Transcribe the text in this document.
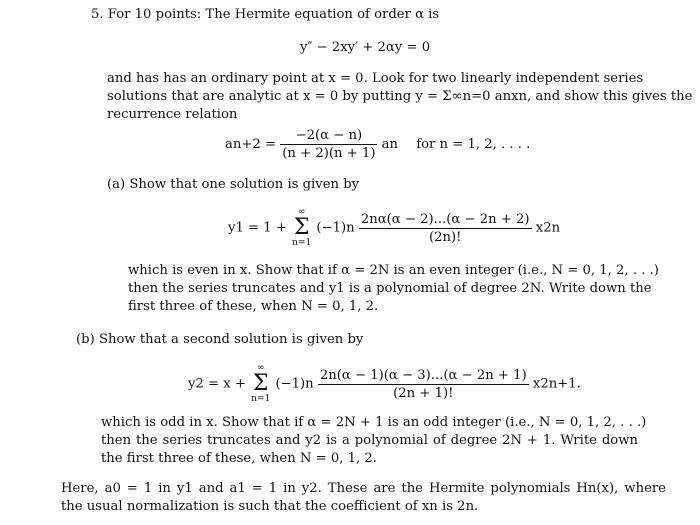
5. For 10 points: The Hermite equation of order α is
y″ − 2xy′ + 2αy = 0
and has has an ordinary point at x = 0. Look for two linearly independent series
solutions that are analytic at x = 0 by putting y = Σ∞n=0 anxn, and show this gives the
recurrence relation
$an+2 = \frac{-2(\alpha - n)}{(n + 2)(n + 1)}$ an for n = 1, 2, . . . .
(a) Show that one solution is given by
y1 = 1 +
∞
Σ
n=1
$(-1)n \frac{2n\alpha(\alpha - 2)...(\alpha - 2n + 2)}{(2n)!} x2n$
which is even in x. Show that if α = 2N is an even integer (i.e., N = 0, 1, 2, . . .)
then the series truncates and y1 is a polynomial of degree 2N. Write down the
first three of these, when N = 0, 1, 2.
(b) Show that a second solution is given by
y2 = x +
∞
Σ
n=1
$(-1)n \frac{2n(\alpha - 1)(\alpha - 3)...(\alpha - 2n + 1)}{(2n + 1)!} x2n+1$.
which is odd in x. Show that if α = 2N + 1 is an odd integer (i.e., N = 0, 1, 2, . . .)
then the series truncates and y2 is a polynomial of degree 2N + 1. Write down
the first three of these, when N = 0, 1, 2.
Here, a0 = 1 in y1 and a1 = 1 in y2. These are the Hermite polynomials Hn(x), where
the usual normalization is such that the coefficient of xn is 2n.
